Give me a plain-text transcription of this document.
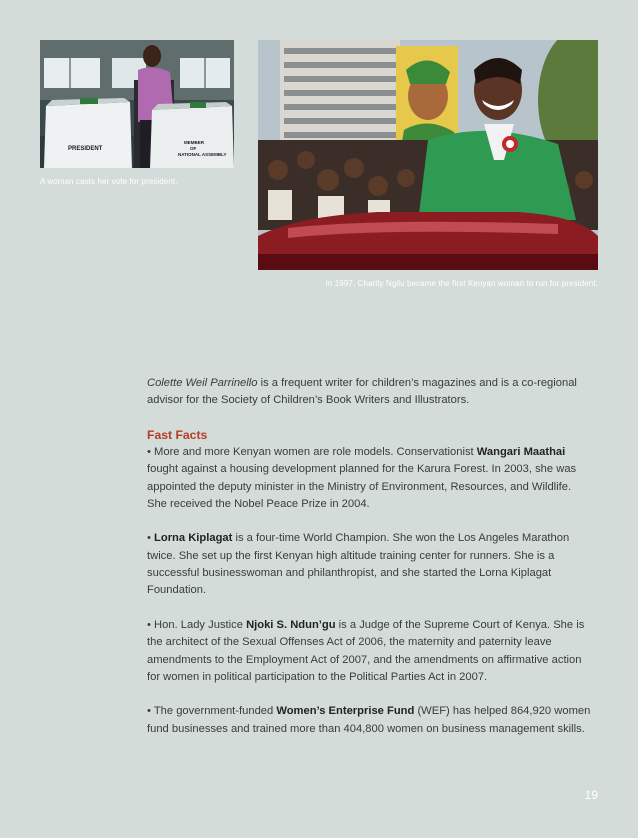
PRESIDENT
MEMBER
OF
NATIONAL ASSEMBLY
A woman casts her vote for president.
In 1997, Charity Ngilu became the first Kenyan woman to run for president.
Colette Weil Parrinello is a frequent writer for children’s magazines and is a co-regional advisor for the Society of Children’s Book Writers and Illustrators.
Fast Facts

• More and more Kenyan women are role models. Conservationist Wangari Maathai fought against a housing development planned for the Karura Forest. In 2003, she was appointed the deputy minister in the Ministry of Environment, Resources, and Wildlife. She received the Nobel Peace Prize in 2004.

• Lorna Kiplagat is a four-time World Champion. She won the Los Angeles Marathon twice. She set up the first Kenyan high altitude training center for runners. She is a successful businesswoman and philanthropist, and she started the Lorna Kiplagat Foundation.

• Hon. Lady Justice Njoki S. Ndun’gu is a Judge of the Supreme Court of Kenya. She is the architect of the Sexual Offenses Act of 2006, the maternity and paternity leave amendments to the Employment Act of 2007, and the amendments on affirmative action for women in political participation to the Political Parties Act in 2007.

• The government-funded Women’s Enterprise Fund (WEF) has helped 864,920 women fund businesses and trained more than 404,800 women on business management skills.

19
